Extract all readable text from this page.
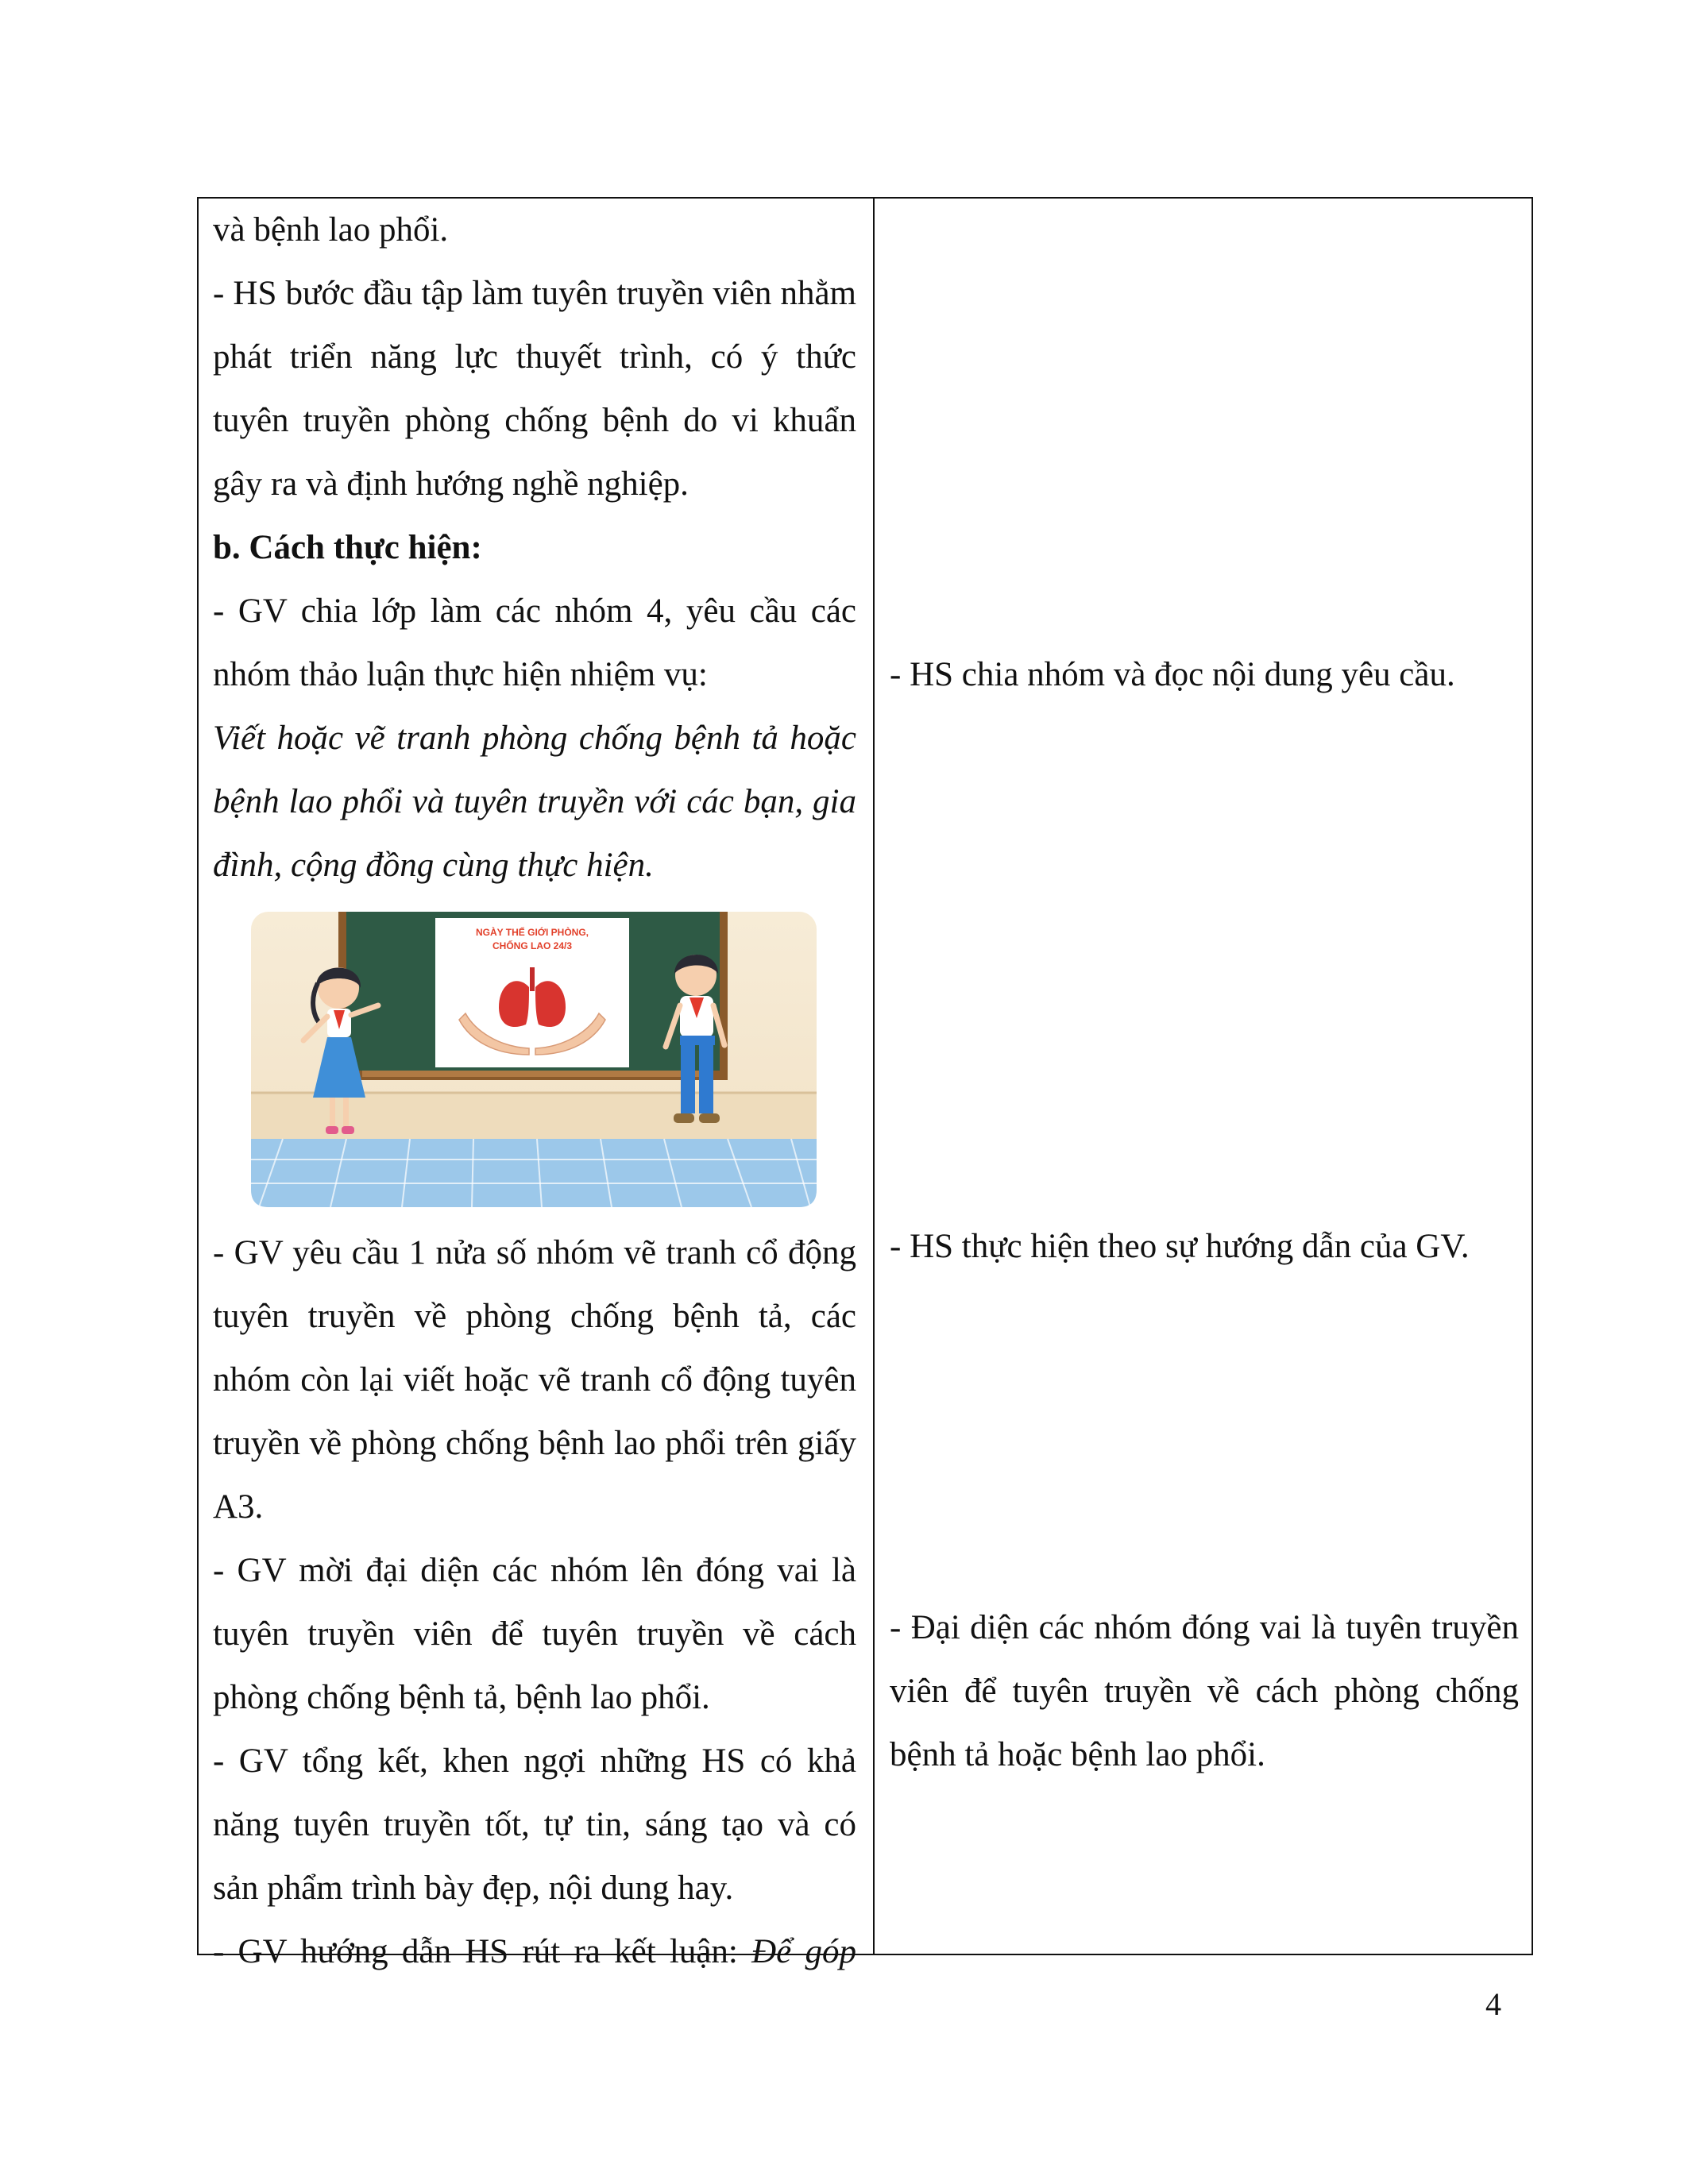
và bệnh lao phổi.

- HS bước đầu tập làm tuyên truyền viên nhằm phát triển năng lực thuyết trình, có ý thức tuyên truyền phòng chống bệnh do vi khuẩn gây ra và định hướng nghề nghiệp.

b. Cách thực hiện:

- GV chia lớp làm các nhóm 4, yêu cầu các nhóm thảo luận thực hiện nhiệm vụ:

Viết hoặc vẽ tranh phòng chống bệnh tả hoặc bệnh lao phổi và tuyên truyền với các bạn, gia đình, cộng đồng cùng thực hiện.

NGÀY THẾ GIỚI PHÒNG,
CHỐNG LAO 24/3

- GV yêu cầu 1 nửa số nhóm vẽ tranh cổ động tuyên truyền về phòng chống bệnh tả, các nhóm còn lại viết hoặc vẽ tranh cổ động tuyên truyền về phòng chống bệnh lao phổi trên giấy A3.

- GV mời đại diện các nhóm lên đóng vai là tuyên truyền viên để tuyên truyền về cách phòng chống bệnh tả, bệnh lao phổi.

- GV tổng kết, khen ngợi những HS có khả năng tuyên truyền tốt, tự tin, sáng tạo và có sản phẩm trình bày đẹp, nội dung hay.

- GV hướng dẫn HS rút ra kết luận: Để góp

- HS chia nhóm và đọc nội dung yêu cầu.

- HS thực hiện theo sự hướng dẫn của GV.

- Đại diện các nhóm đóng vai là tuyên truyền viên để tuyên truyền về cách phòng chống bệnh tả hoặc bệnh lao phổi.

4
